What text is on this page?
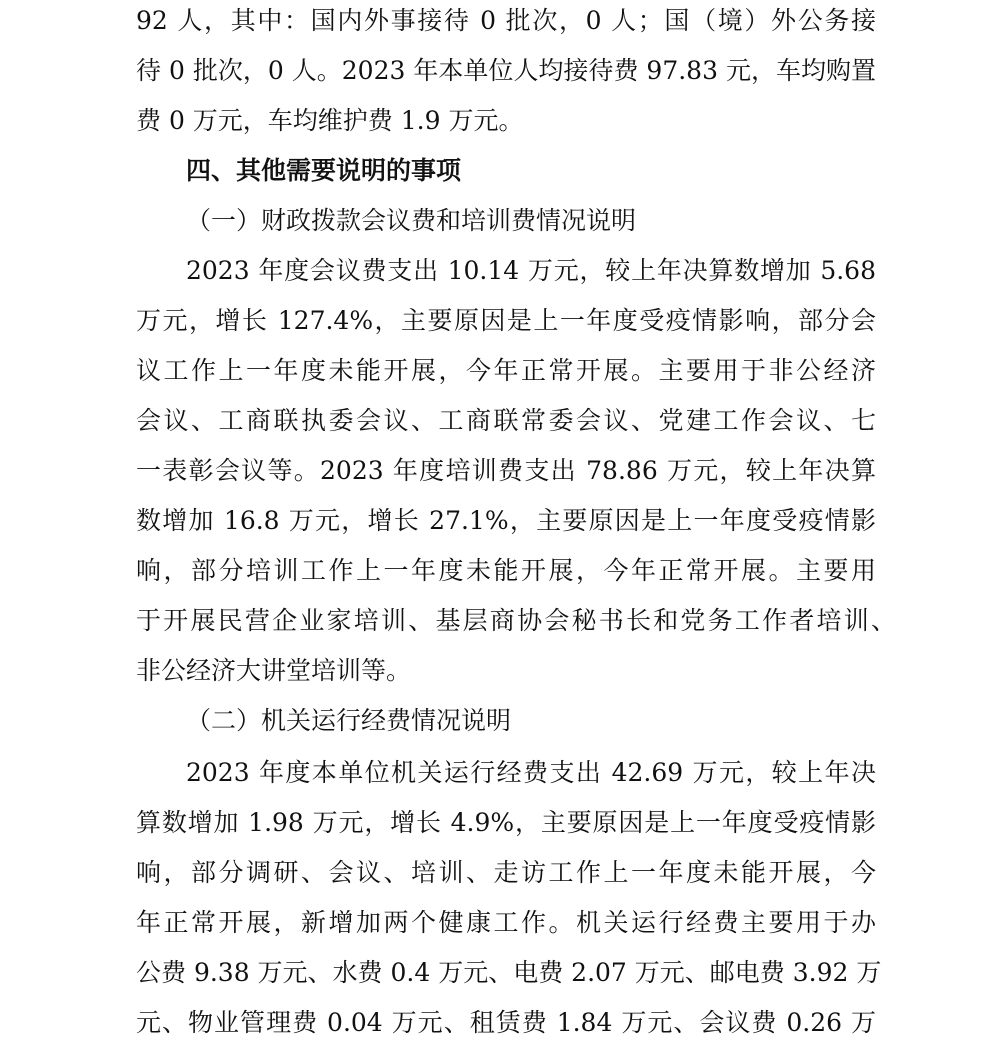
92 人，其中：国内外事接待 0 批次，0 人；国（境）外公务接
待 0 批次，0 人。2023 年本单位人均接待费 97.83 元，车均购置
费 0 万元，车均维护费 1.9 万元。
四、其他需要说明的事项
（一）财政拨款会议费和培训费情况说明
2023 年度会议费支出 10.14 万元，较上年决算数增加 5.68
万元，增长 127.4%，主要原因是上一年度受疫情影响，部分会
议工作上一年度未能开展，今年正常开展。主要用于非公经济
会议、工商联执委会议、工商联常委会议、党建工作会议、七
一表彰会议等。2023 年度培训费支出 78.86 万元，较上年决算
数增加 16.8 万元，增长 27.1%，主要原因是上一年度受疫情影
响，部分培训工作上一年度未能开展，今年正常开展。主要用
于开展民营企业家培训、基层商协会秘书长和党务工作者培训、
非公经济大讲堂培训等。
（二）机关运行经费情况说明
2023 年度本单位机关运行经费支出 42.69 万元，较上年决
算数增加 1.98 万元，增长 4.9%，主要原因是上一年度受疫情影
响，部分调研、会议、培训、走访工作上一年度未能开展，今
年正常开展，新增加两个健康工作。机关运行经费主要用于办
公费 9.38 万元、水费 0.4 万元、电费 2.07 万元、邮电费 3.92 万
元、物业管理费 0.04 万元、租赁费 1.84 万元、会议费 0.26 万
